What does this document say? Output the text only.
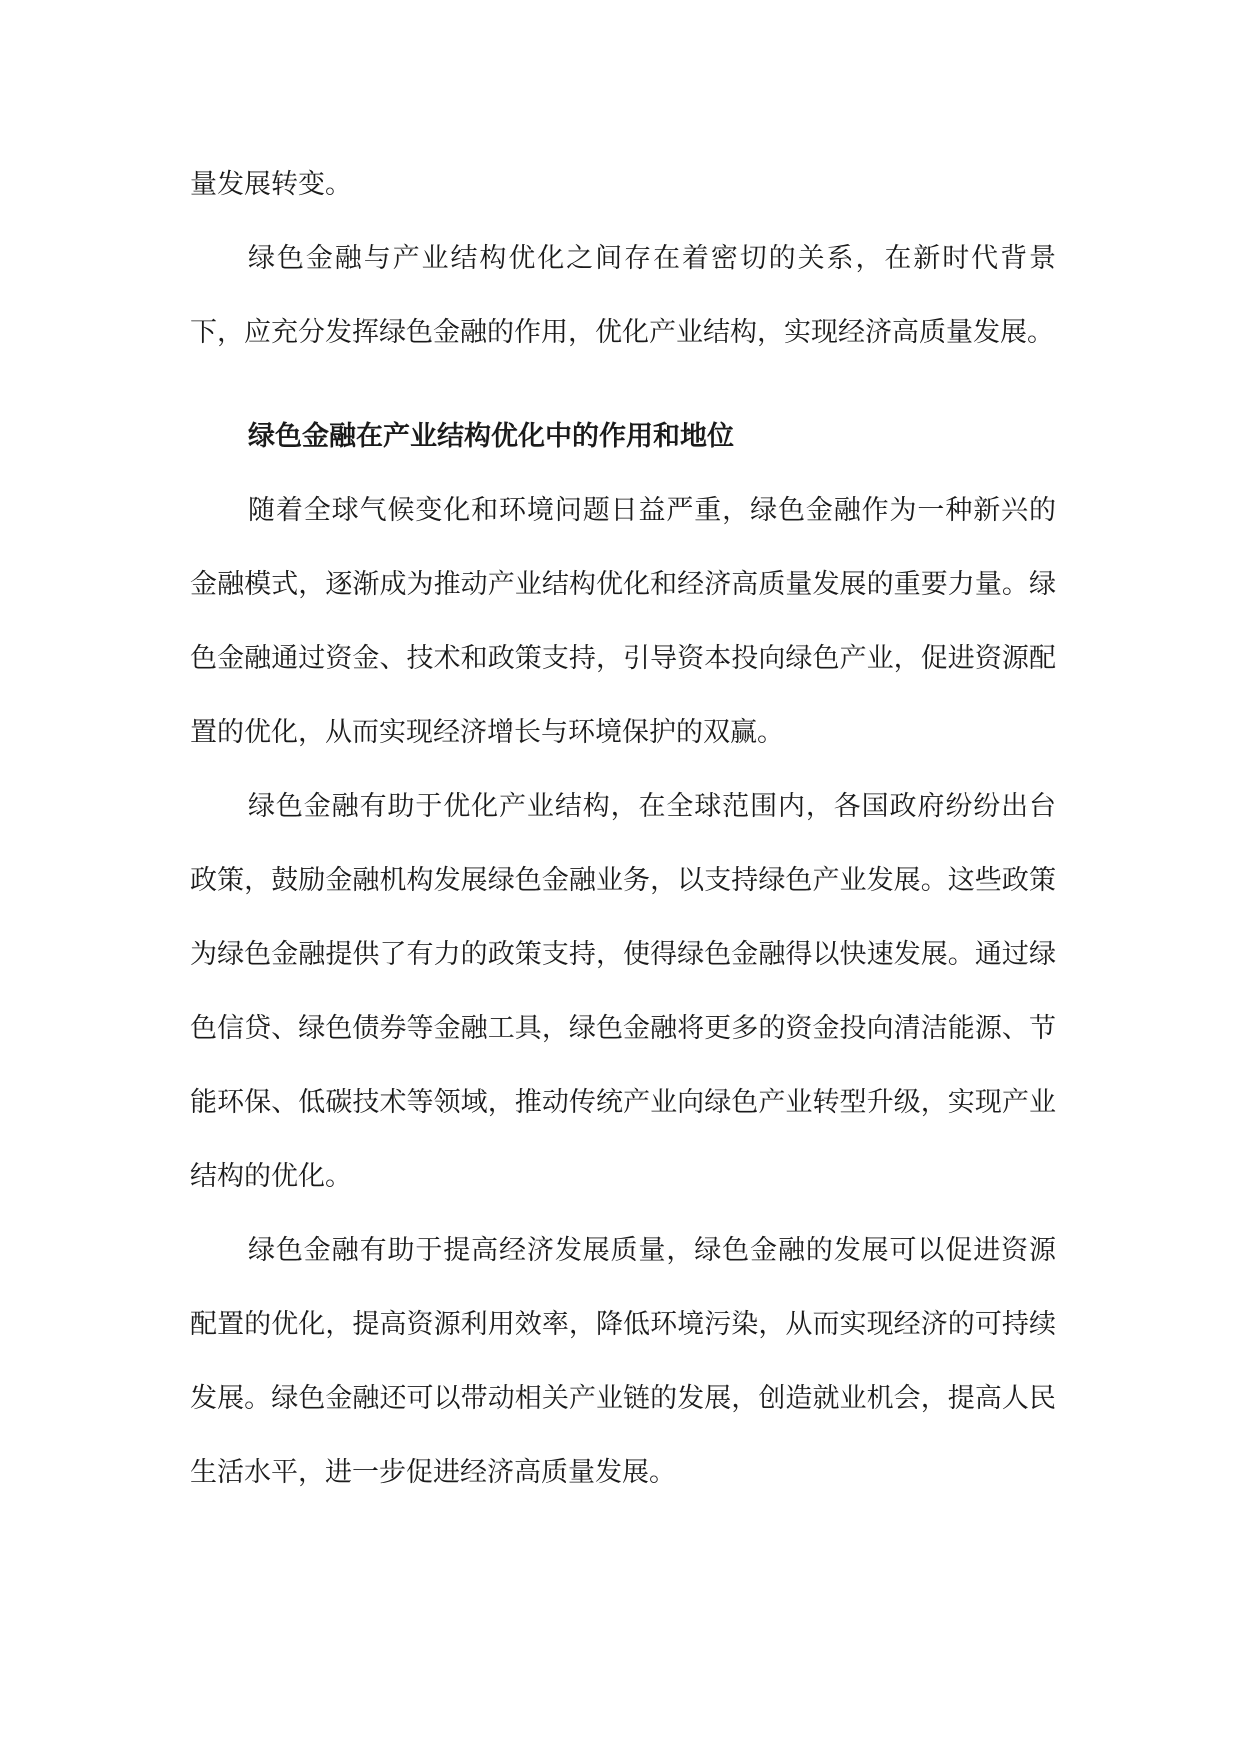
量发展转变。

绿色金融与产业结构优化之间存在着密切的关系，在新时代背景下，应充分发挥绿色金融的作用，优化产业结构，实现经济高质量发展。

绿色金融在产业结构优化中的作用和地位

随着全球气候变化和环境问题日益严重，绿色金融作为一种新兴的金融模式，逐渐成为推动产业结构优化和经济高质量发展的重要力量。绿色金融通过资金、技术和政策支持，引导资本投向绿色产业，促进资源配置的优化，从而实现经济增长与环境保护的双赢。

绿色金融有助于优化产业结构，在全球范围内，各国政府纷纷出台政策，鼓励金融机构发展绿色金融业务，以支持绿色产业发展。这些政策为绿色金融提供了有力的政策支持，使得绿色金融得以快速发展。通过绿色信贷、绿色债券等金融工具，绿色金融将更多的资金投向清洁能源、节能环保、低碳技术等领域，推动传统产业向绿色产业转型升级，实现产业结构的优化。

绿色金融有助于提高经济发展质量，绿色金融的发展可以促进资源配置的优化，提高资源利用效率，降低环境污染，从而实现经济的可持续发展。绿色金融还可以带动相关产业链的发展，创造就业机会，提高人民生活水平，进一步促进经济高质量发展。
